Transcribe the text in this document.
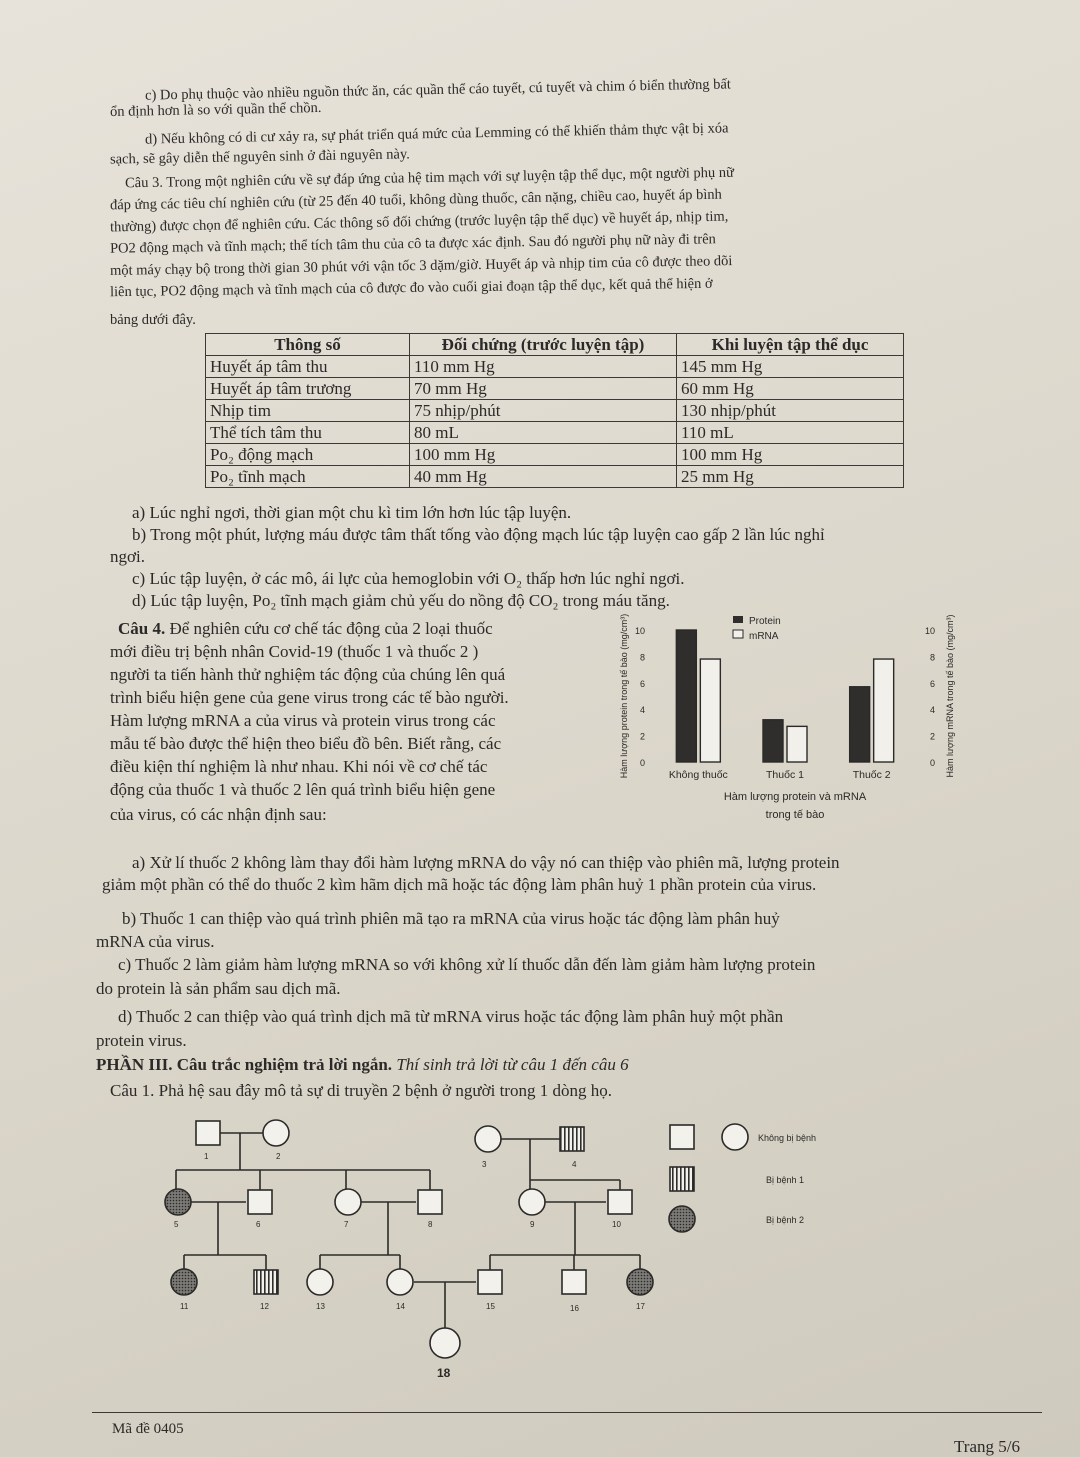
c) Do phụ thuộc vào nhiều nguồn thức ăn, các quần thể cáo tuyết, cú tuyết và chim ó biển thường bất
ổn định hơn là so với quần thể chồn.
d) Nếu không có di cư xảy ra, sự phát triển quá mức của Lemming có thể khiến thảm thực vật bị xóa
sạch, sẽ gây diễn thế nguyên sinh ở đài nguyên này.
Câu 3. Trong một nghiên cứu về sự đáp ứng của hệ tim mạch với sự luyện tập thể dục, một người phụ nữ
đáp ứng các tiêu chí nghiên cứu (từ 25 đến 40 tuổi, không dùng thuốc, cân nặng, chiều cao, huyết áp bình
thường) được chọn để nghiên cứu. Các thông số đối chứng (trước luyện tập thể dục) về huyết áp, nhịp tim,
PO2 động mạch và tĩnh mạch; thể tích tâm thu của cô ta được xác định. Sau đó người phụ nữ này đi trên
một máy chạy bộ trong thời gian 30 phút với vận tốc 3 dặm/giờ. Huyết áp và nhịp tim của cô được theo dõi
liên tục, PO2 động mạch và tĩnh mạch của cô được đo vào cuối giai đoạn tập thể dục, kết quả thể hiện ở
bảng dưới đây.
Thông số	Đối chứng (trước luyện tập)	Khi luyện tập thể dục
Huyết áp tâm thu	110 mm Hg	145 mm Hg
Huyết áp tâm trương	70 mm Hg	60 mm Hg
Nhịp tim	75 nhịp/phút	130 nhịp/phút
Thể tích tâm thu	80 mL	110 mL
Po₂ động mạch	100 mm Hg	100 mm Hg
Po₂ tĩnh mạch	40 mm Hg	25 mm Hg
a) Lúc nghỉ ngơi, thời gian một chu kì tim lớn hơn lúc tập luyện.
b) Trong một phút, lượng máu được tâm thất tống vào động mạch lúc tập luyện cao gấp 2 lần lúc nghỉ
ngơi.
c) Lúc tập luyện, ở các mô, ái lực của hemoglobin với O₂ thấp hơn lúc nghỉ ngơi.
d) Lúc tập luyện, Po₂ tĩnh mạch giảm chủ yếu do nồng độ CO₂ trong máu tăng.
Câu 4. Để nghiên cứu cơ chế tác động của 2 loại thuốc
mới điều trị bệnh nhân Covid-19 (thuốc 1 và thuốc 2 )
người ta tiến hành thử nghiệm tác động của chúng lên quá
trình biểu hiện gene của gene virus trong các tế bào người.
Hàm lượng mRNA a của virus và protein virus trong các
mẫu tế bào được thể hiện theo biểu đồ bên. Biết rằng, các
điều kiện thí nghiệm là như nhau. Khi nói về cơ chế tác
động của thuốc 1 và thuốc 2 lên quá trình biểu hiện gene
của virus, có các nhận định sau:
0	0
2	2
4	4
6	6
8	8
10	10
Hàm lượng protein trong tế bào (mg/cm³)	Hàm lượng mRNA trong tế bào (mg/cm³)
Không thuốc	Thuốc 1	Thuốc 2
Protein
mRNA
Hàm lượng protein và mRNA
trong tế bào
a) Xử lí thuốc 2 không làm thay đổi hàm lượng mRNA do vậy nó can thiệp vào phiên mã, lượng protein
giảm một phần có thể do thuốc 2 kìm hãm dịch mã hoặc tác động làm phân huỷ 1 phần protein của virus.
b) Thuốc 1 can thiệp vào quá trình phiên mã tạo ra mRNA của virus hoặc tác động làm phân huỷ
mRNA của virus.
c) Thuốc 2 làm giảm hàm lượng mRNA so với không xử lí thuốc dẫn đến làm giảm hàm lượng protein
do protein là sản phẩm sau dịch mã.
d) Thuốc 2 can thiệp vào quá trình dịch mã từ mRNA virus hoặc tác động làm phân huỷ một phần
protein virus.
PHẦN III. Câu trắc nghiệm trả lời ngắn. Thí sinh trả lời từ câu 1 đến câu 6
Câu 1. Phả hệ sau đây mô tả sự di truyền 2 bệnh ở người trong 1 dòng họ.
1	2
3	4
5	6	7	8	9	10
11	12	13	14	15	16	17
18
Không bị bệnh
Bị bệnh 1
Bị bệnh 2
Mã đề 0405
Trang 5/6
